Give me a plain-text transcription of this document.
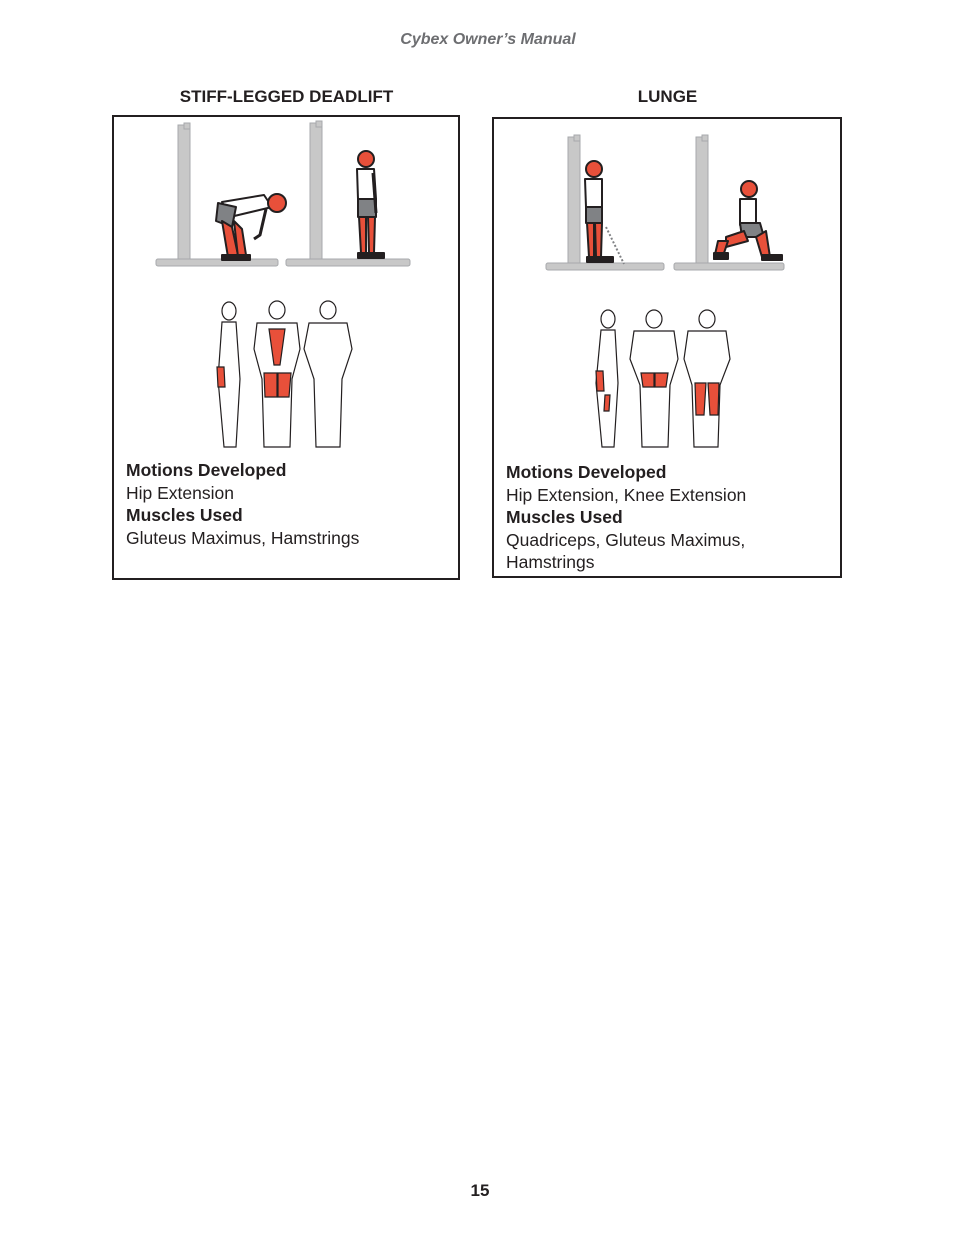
Cybex Owner’s Manual
STIFF-LEGGED DEADLIFT	LUNGE
Motions Developed
Hip Extension
Muscles Used
Gluteus Maximus, Hamstrings
Motions Developed
Hip Extension, Knee Extension
Muscles Used
Quadriceps, Gluteus Maximus, Hamstrings
15
